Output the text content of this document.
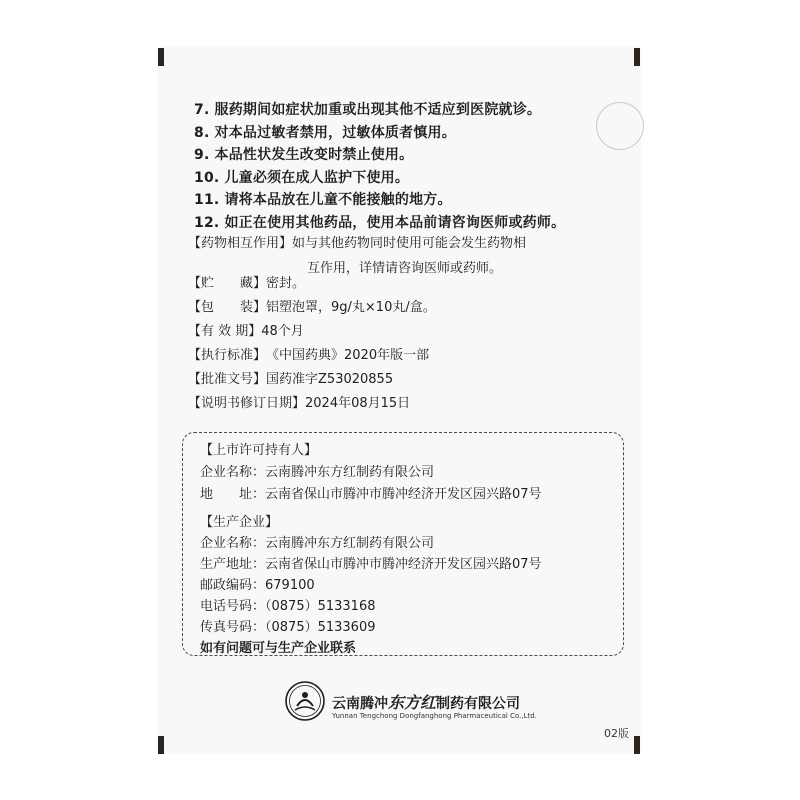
7. 服药期间如症状加重或出现其他不适应到医院就诊。
8. 对本品过敏者禁用，过敏体质者慎用。
9. 本品性状发生改变时禁止使用。
10. 儿童必须在成人监护下使用。
11. 请将本品放在儿童不能接触的地方。
12. 如正在使用其他药品，使用本品前请咨询医师或药师。
【药物相互作用】如与其他药物同时使用可能会发生药物相
互作用，详情请咨询医师或药师。
【贮　　藏】密封。
【包　　装】铝塑泡罩，9g/丸×10丸/盒。
【有 效 期】48个月
【执行标准】《中国药典》2020年版一部
【批准文号】国药准字Z53020855
【说明书修订日期】2024年08月15日
【上市许可持有人】
企业名称：云南腾冲东方红制药有限公司
地　　址：云南省保山市腾冲市腾冲经济开发区园兴路07号
【生产企业】
企业名称：云南腾冲东方红制药有限公司
生产地址：云南省保山市腾冲市腾冲经济开发区园兴路07号
邮政编码：679100
电话号码：（0875）5133168
传真号码：（0875）5133609
如有问题可与生产企业联系
云南腾冲东方红制药有限公司
Yunnan Tengchong Dongfanghong Pharmaceutical Co.,Ltd.
02版
